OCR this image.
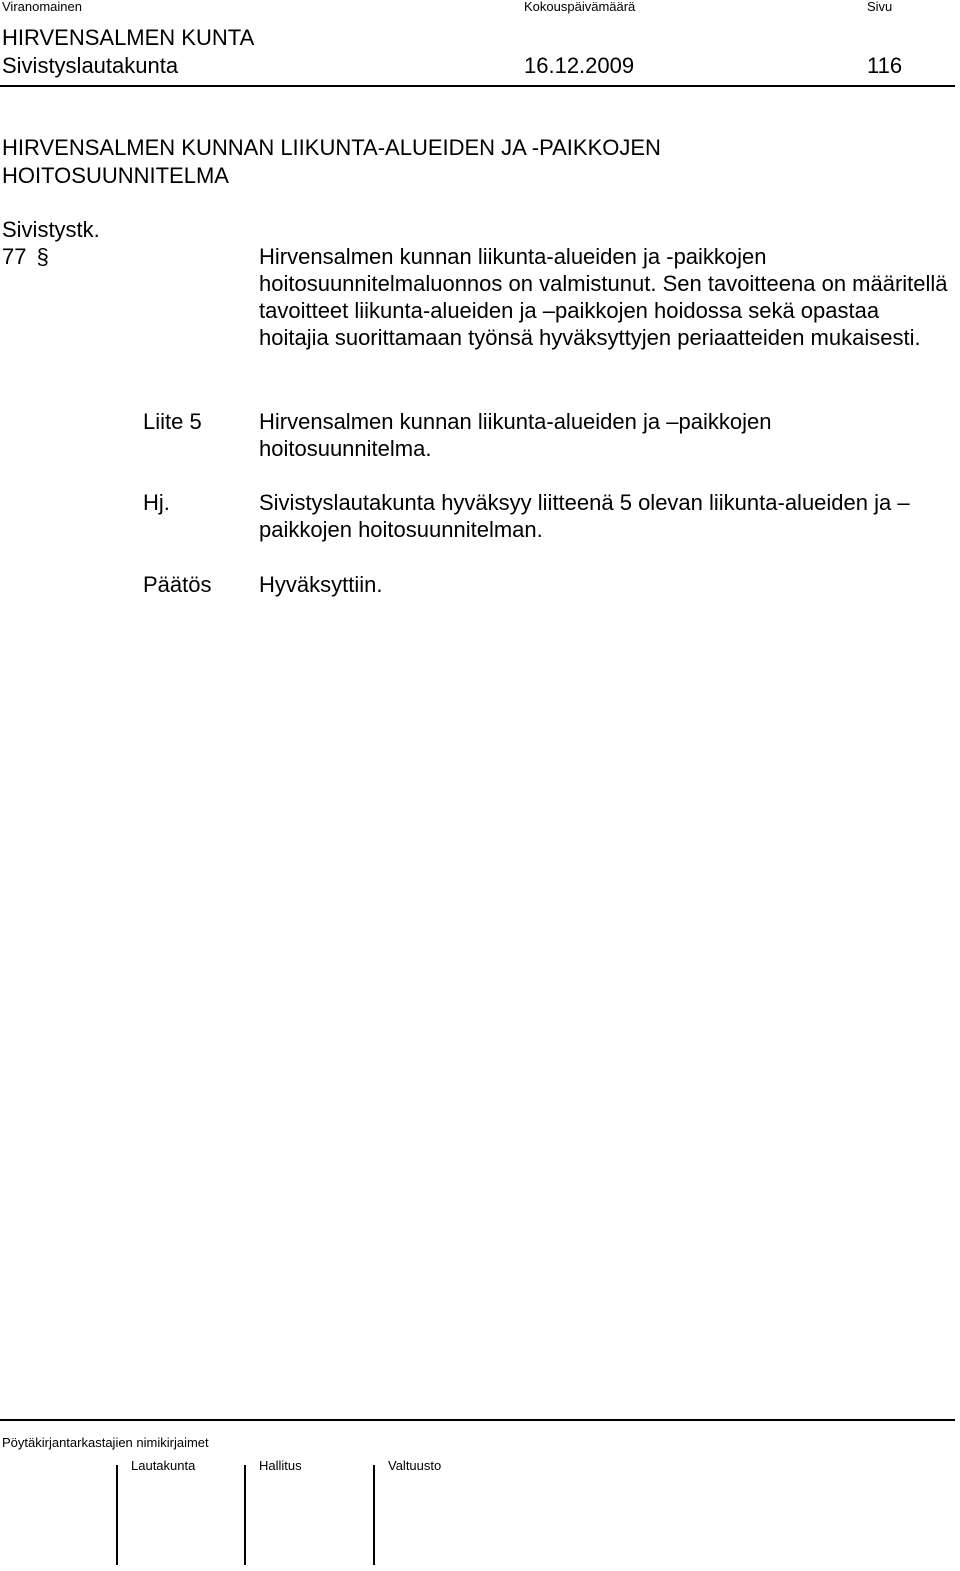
Viranomainen	Kokouspäivämäärä	Sivu
HIRVENSALMEN KUNTA
Sivistyslautakunta	16.12.2009	116
HIRVENSALMEN KUNNAN LIIKUNTA-ALUEIDEN JA -PAIKKOJEN
HOITOSUUNNITELMA
Sivistystk.
77 §	Hirvensalmen kunnan liikunta-alueiden ja -paikkojen hoitosuunnitelmaluonnos on valmistunut. Sen tavoitteena on määritellä tavoitteet liikunta-alueiden ja –paikkojen hoidossa sekä opastaa hoitajia suorittamaan työnsä hyväksyttyjen periaatteiden mukaisesti.
Liite 5	Hirvensalmen kunnan liikunta-alueiden ja –paikkojen hoitosuunnitelma.
Hj.	Sivistyslautakunta hyväksyy liitteenä 5 olevan liikunta-alueiden ja –paikkojen hoitosuunnitelman.
Päätös Hyväksyttiin.
Pöytäkirjantarkastajien nimikirjaimet
Lautakunta	Hallitus	Valtuusto
